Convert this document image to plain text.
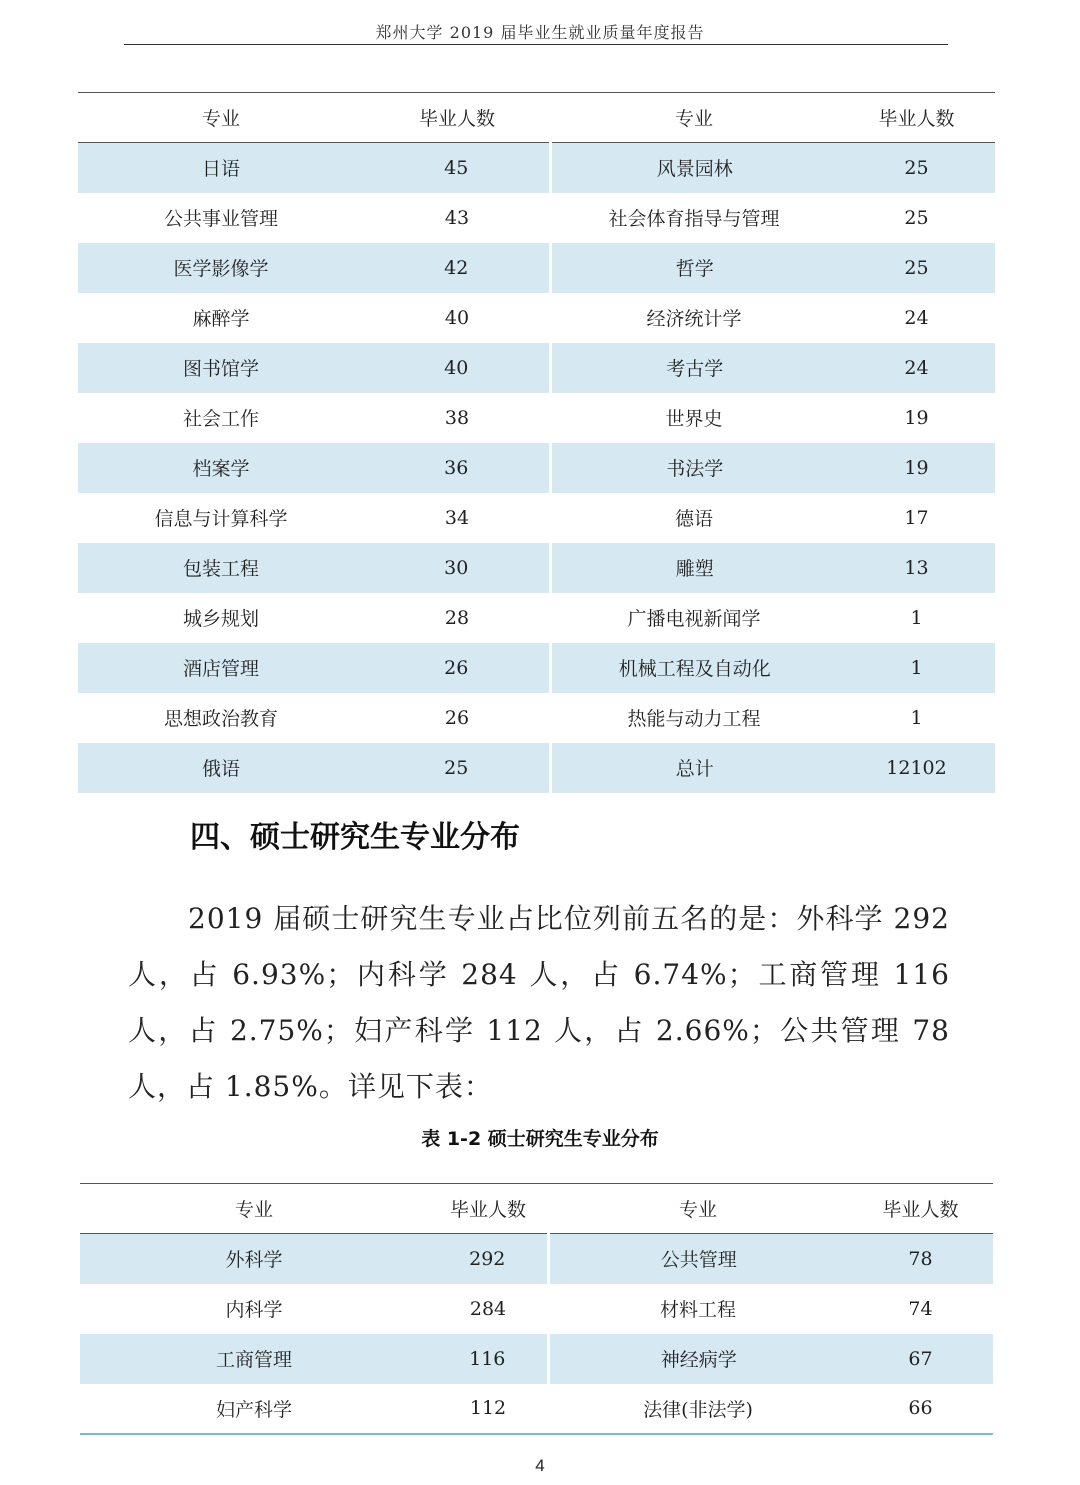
郑州大学 2019 届毕业生就业质量年度报告
专业	毕业人数	专业	毕业人数
日语	45	风景园林	25
公共事业管理	43	社会体育指导与管理	25
医学影像学	42	哲学	25
麻醉学	40	经济统计学	24
图书馆学	40	考古学	24
社会工作	38	世界史	19
档案学	36	书法学	19
信息与计算科学	34	德语	17
包装工程	30	雕塑	13
城乡规划	28	广播电视新闻学	1
酒店管理	26	机械工程及自动化	1
思想政治教育	26	热能与动力工程	1
俄语	25	总计	12102
四、硕士研究生专业分布

2019 届硕士研究生专业占比位列前五名的是：外科学 292 人，占 6.93%；内科学 284 人，占 6.74%；工商管理 116 人，占 2.75%；妇产科学 112 人，占 2.66%；公共管理 78 人，占 1.85%。详见下表：

表 1-2 硕士研究生专业分布
专业	毕业人数	专业	毕业人数
外科学	292	公共管理	78
内科学	284	材料工程	74
工商管理	116	神经病学	67
妇产科学	112	法律(非法学)	66
4
